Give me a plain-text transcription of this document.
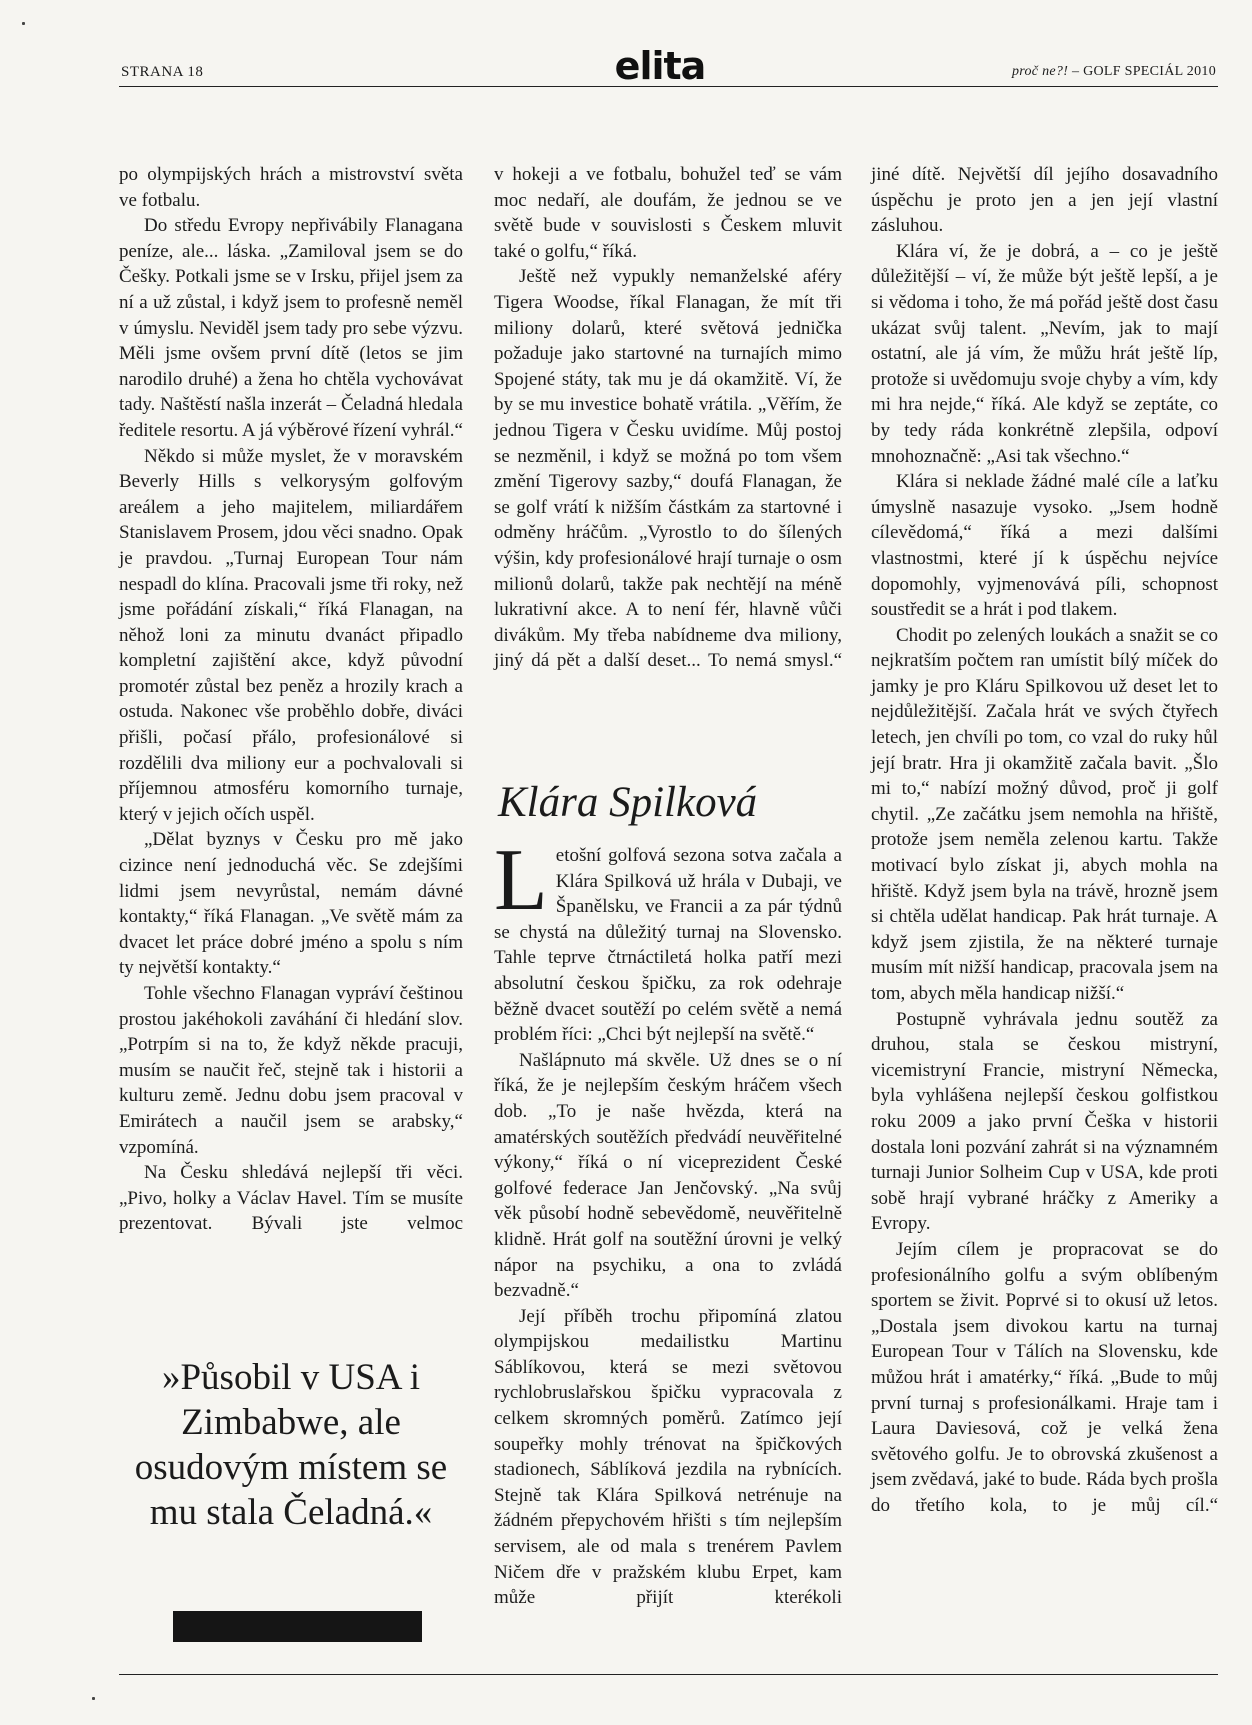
STRANA 18	elita	proč ne?! – GOLF SPECIÁL 2010

po olympijských hrách a mistrovství světa ve fotbalu.

Do středu Evropy nepřivábily Flanagana peníze, ale... láska. „Zamiloval jsem se do Češky. Potkali jsme se v Irsku, přijel jsem za ní a už zůstal, i když jsem to profesně neměl v úmyslu. Neviděl jsem tady pro sebe výzvu. Měli jsme ovšem první dítě (letos se jim narodilo druhé) a žena ho chtěla vychovávat tady. Naštěstí našla inzerát – Čeladná hledala ředitele resortu. A já výběrové řízení vyhrál.“

Někdo si může myslet, že v moravském Beverly Hills s velkorysým golfovým areálem a jeho majitelem, miliardářem Stanislavem Prosem, jdou věci snadno. Opak je pravdou. „Turnaj European Tour nám nespadl do klína. Pracovali jsme tři roky, než jsme pořádání získali,“ říká Flanagan, na něhož loni za minutu dvanáct připadlo kompletní zajištění akce, když původní promotér zůstal bez peněz a hrozily krach a ostuda. Nakonec vše proběhlo dobře, diváci přišli, počasí přálo, profesionálové si rozdělili dva miliony eur a pochvalovali si příjemnou atmosféru komorního turnaje, který v jejich očích uspěl.

„Dělat byznys v Česku pro mě jako cizince není jednoduchá věc. Se zdejšími lidmi jsem nevyrůstal, nemám dávné kontakty,“ říká Flanagan. „Ve světě mám za dvacet let práce dobré jméno a spolu s ním ty největší kontakty.“

Tohle všechno Flanagan vypráví češtinou prostou jakéhokoli zaváhání či hledání slov. „Potrpím si na to, že když někde pracuji, musím se naučit řeč, stejně tak i historii a kulturu země. Jednu dobu jsem pracoval v Emirátech a naučil jsem se arabsky,“ vzpomíná.

Na Česku shledává nejlepší tři věci. „Pivo, holky a Václav Havel. Tím se musíte prezentovat. Bývali jste velmoc

»Působil v USA i Zimbabwe, ale osudovým místem se mu stala Čeladná.«

v hokeji a ve fotbalu, bohužel teď se vám moc nedaří, ale doufám, že jednou se ve světě bude v souvislosti s Českem mluvit také o golfu,“ říká.

Ještě než vypukly nemanželské aféry Tigera Woodse, říkal Flanagan, že mít tři miliony dolarů, které světová jednička požaduje jako startovné na turnajích mimo Spojené státy, tak mu je dá okamžitě. Ví, že by se mu investice bohatě vrátila. „Věřím, že jednou Tigera v Česku uvidíme. Můj postoj se nezměnil, i když se možná po tom všem změní Tigerovy sazby,“ doufá Flanagan, že se golf vrátí k nižším částkám za startovné i odměny hráčům. „Vyrostlo to do šílených výšin, kdy profesionálové hrají turnaje o osm milionů dolarů, takže pak nechtějí na méně lukrativní akce. A to není fér, hlavně vůči divákům. My třeba nabídneme dva miliony, jiný dá pět a další deset... To nemá smysl.“

Klára Spilková

Letošní golfová sezona sotva začala a Klára Spilková už hrála v Dubaji, ve Španělsku, ve Francii a za pár týdnů se chystá na důležitý turnaj na Slovensko. Tahle teprve čtrnáctiletá holka patří mezi absolutní českou špičku, za rok odehraje běžně dvacet soutěží po celém světě a nemá problém říci: „Chci být nejlepší na světě.“

Našlápnuto má skvěle. Už dnes se o ní říká, že je nejlepším českým hráčem všech dob. „To je naše hvězda, která na amatérských soutěžích předvádí neuvěřitelné výkony,“ říká o ní viceprezident České golfové federace Jan Jenčovský. „Na svůj věk působí hodně sebevědomě, neuvěřitelně klidně. Hrát golf na soutěžní úrovni je velký nápor na psychiku, a ona to zvládá bezvadně.“

Její příběh trochu připomíná zlatou olympijskou medailistku Martinu Sáblíkovou, která se mezi světovou rychlobruslařskou špičku vypracovala z celkem skromných poměrů. Zatímco její soupeřky mohly trénovat na špičkových stadionech, Sáblíková jezdila na rybnících. Stejně tak Klára Spilková netrénuje na žádném přepychovém hřišti s tím nejlepším servisem, ale od mala s trenérem Pavlem Ničem dře v pražském klubu Erpet, kam může přijít kterékoli

jiné dítě. Největší díl jejího dosavadního úspěchu je proto jen a jen její vlastní zásluhou.

Klára ví, že je dobrá, a – co je ještě důležitější – ví, že může být ještě lepší, a je si vědoma i toho, že má pořád ještě dost času ukázat svůj talent. „Nevím, jak to mají ostatní, ale já vím, že můžu hrát ještě líp, protože si uvědomuju svoje chyby a vím, kdy mi hra nejde,“ říká. Ale když se zeptáte, co by tedy ráda konkrétně zlepšila, odpoví mnohoznačně: „Asi tak všechno.“

Klára si neklade žádné malé cíle a laťku úmyslně nasazuje vysoko. „Jsem hodně cílevědomá,“ říká a mezi dalšími vlastnostmi, které jí k úspěchu nejvíce dopomohly, vyjmenovává píli, schopnost soustředit se a hrát i pod tlakem.

Chodit po zelených loukách a snažit se co nejkratším počtem ran umístit bílý míček do jamky je pro Kláru Spilkovou už deset let to nejdůležitější. Začala hrát ve svých čtyřech letech, jen chvíli po tom, co vzal do ruky hůl její bratr. Hra ji okamžitě začala bavit. „Šlo mi to,“ nabízí možný důvod, proč ji golf chytil. „Ze začátku jsem nemohla na hřiště, protože jsem neměla zelenou kartu. Takže motivací bylo získat ji, abych mohla na hřiště. Když jsem byla na trávě, hrozně jsem si chtěla udělat handicap. Pak hrát turnaje. A když jsem zjistila, že na některé turnaje musím mít nižší handicap, pracovala jsem na tom, abych měla handicap nižší.“

Postupně vyhrávala jednu soutěž za druhou, stala se českou mistryní, vicemistryní Francie, mistryní Německa, byla vyhlášena nejlepší českou golfistkou roku 2009 a jako první Češka v historii dostala loni pozvání zahrát si na významném turnaji Junior Solheim Cup v USA, kde proti sobě hrají vybrané hráčky z Ameriky a Evropy.

Jejím cílem je propracovat se do profesionálního golfu a svým oblíbeným sportem se živit. Poprvé si to okusí už letos. „Dostala jsem divokou kartu na turnaj European Tour v Tálích na Slovensku, kde můžou hrát i amatérky,“ říká. „Bude to můj první turnaj s profesionálkami. Hraje tam i Laura Daviesová, což je velká žena světového golfu. Je to obrovská zkušenost a jsem zvědavá, jaké to bude. Ráda bych prošla do třetího kola, to je můj cíl.“
